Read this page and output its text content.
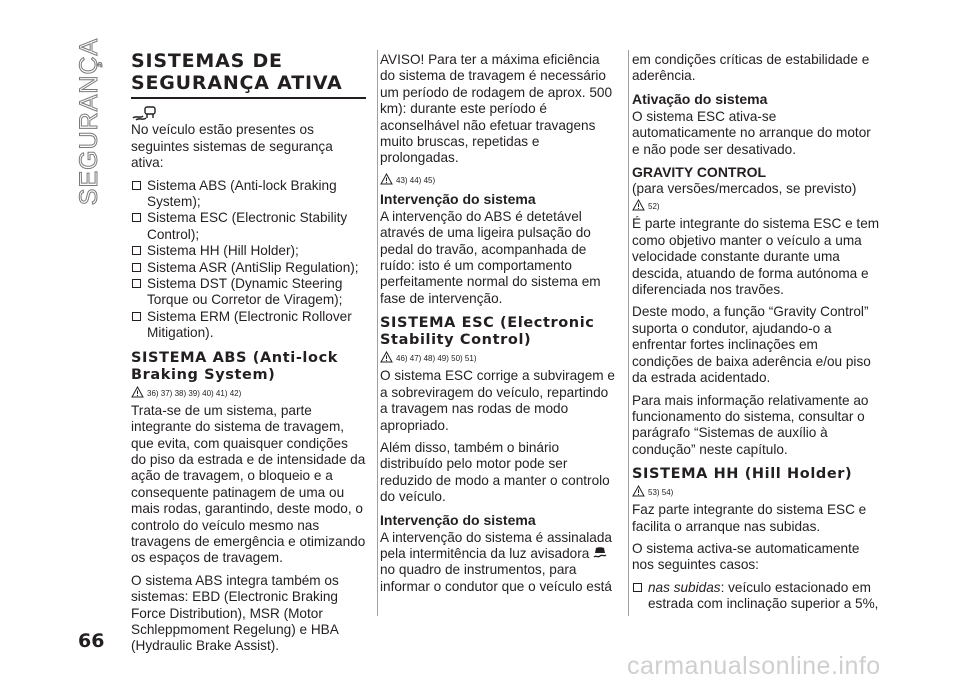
SEGURANÇA SISTEMAS DE
SEGURANÇA ATIVA

No veículo estão presentes os seguintes sistemas de segurança ativa:

Sistema ABS (Anti-lock Braking System);
Sistema ESC (Electronic Stability Control);
Sistema HH (Hill Holder);
Sistema ASR (AntiSlip Regulation);
Sistema DST (Dynamic Steering Torque ou Corretor de Viragem);
Sistema ERM (Electronic Rollover Mitigation).
SISTEMA ABS (Anti-lock Braking System)
36) 37) 38) 39) 40) 41) 42)

Trata-se de um sistema, parte integrante do sistema de travagem, que evita, com quaisquer condições do piso da estrada e de intensidade da ação de travagem, o bloqueio e a consequente patinagem de uma ou mais rodas, garantindo, deste modo, o controlo do veículo mesmo nas travagens de emergência e otimizando os espaços de travagem.

O sistema ABS integra também os sistemas: EBD (Electronic Braking Force Distribution), MSR (Motor Schleppmoment Regelung) e HBA (Hydraulic Brake Assist).

AVISO! Para ter a máxima eficiência do sistema de travagem é necessário um período de rodagem de aprox. 500 km): durante este período é aconselhável não efetuar travagens muito bruscas, repetidas e prolongadas.

43) 44) 45)
Intervenção do sistema

A intervenção do ABS é detetável através de uma ligeira pulsação do pedal do travão, acompanhada de ruído: isto é um comportamento perfeitamente normal do sistema em fase de intervenção.

SISTEMA ESC (Electronic Stability Control)
46) 47) 48) 49) 50) 51)

O sistema ESC corrige a subviragem e a sobreviragem do veículo, repartindo a travagem nas rodas de modo apropriado.

Além disso, também o binário distribuído pelo motor pode ser reduzido de modo a manter o controlo do veículo.

Intervenção do sistema

A intervenção do sistema é assinalada pela intermitência da luz avisadora  no quadro de instrumentos, para informar o condutor que o veículo está

em condições críticas de estabilidade e aderência.

Ativação do sistema

O sistema ESC ativa-se automaticamente no arranque do motor e não pode ser desativado.

GRAVITY CONTROL

(para versões/mercados, se previsto)

52)

É parte integrante do sistema ESC e tem como objetivo manter o veículo a uma velocidade constante durante uma descida, atuando de forma autónoma e diferenciada nos travões.

Deste modo, a função “Gravity Control” suporta o condutor, ajudando-o a enfrentar fortes inclinações em condições de baixa aderência e/ou piso da estrada acidentado.

Para mais informação relativamente ao funcionamento do sistema, consultar o parágrafo “Sistemas de auxílio à condução” neste capítulo.

SISTEMA HH (Hill Holder)
53) 54)

Faz parte integrante do sistema ESC e facilita o arranque nas subidas.

O sistema activa-se automaticamente nos seguintes casos:

nas subidas: veículo estacionado em estrada com inclinação superior a 5%,
66
carmanualsonline.info
